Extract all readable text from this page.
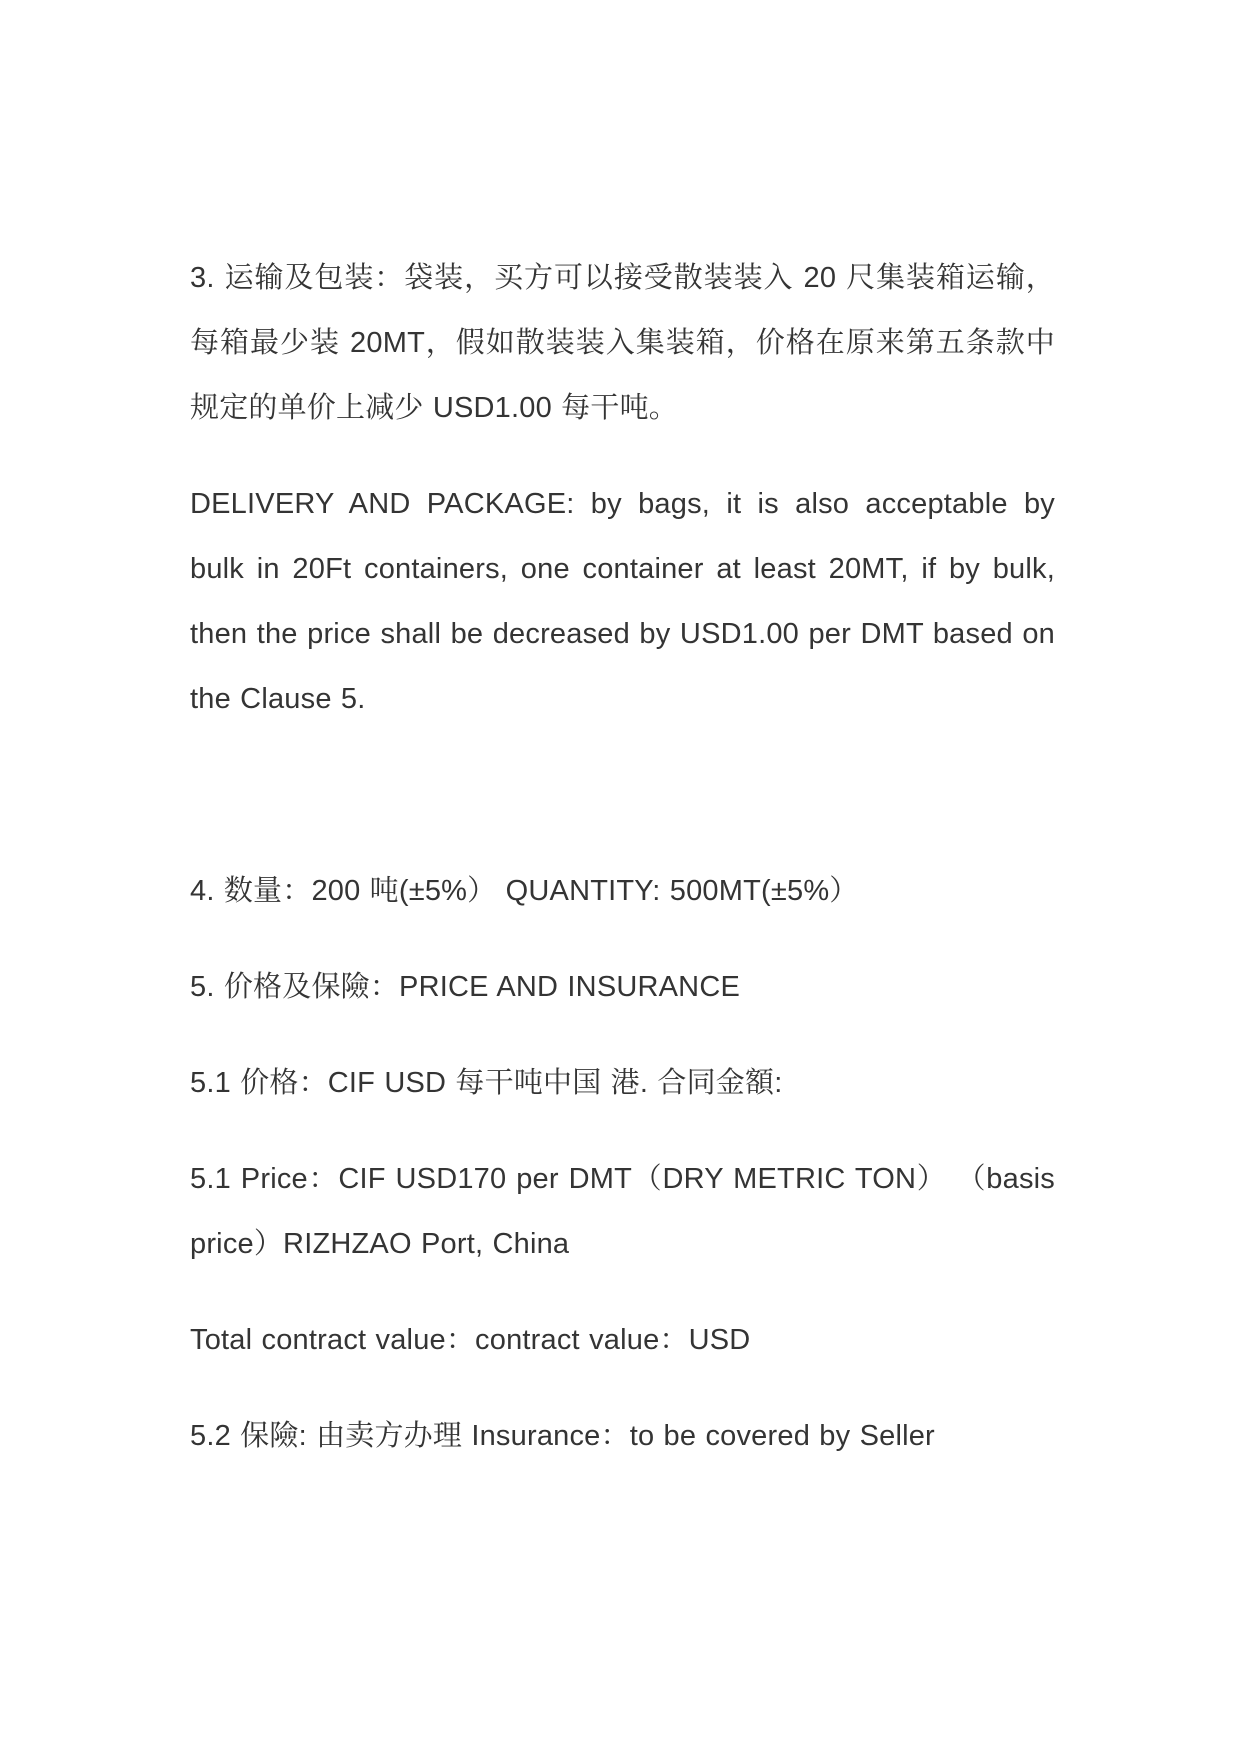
3. 运输及包装：袋装，买方可以接受散装装入 20 尺集装箱运输， 每箱最少装 20MT，假如散装装入集装箱，价格在原来第五条款中规定的单价上减少 USD1.00 每干吨。

DELIVERY AND PACKAGE: by bags, it is also acceptable by bulk in 20Ft containers, one container at least 20MT, if by bulk, then the price shall be decreased by USD1.00 per DMT based on the Clause 5.

4. 数量：200 吨(±5%） QUANTITY: 500MT(±5%）

5. 价格及保險：PRICE AND INSURANCE

5.1 价格：CIF USD 每干吨中国 港. 合同金額:

5.1 Price：CIF USD170 per DMT（DRY METRIC TON） （basis price）RIZHZAO Port, China

Total contract value：contract value：USD

5.2 保險: 由卖方办理 Insurance：to be covered by Seller
